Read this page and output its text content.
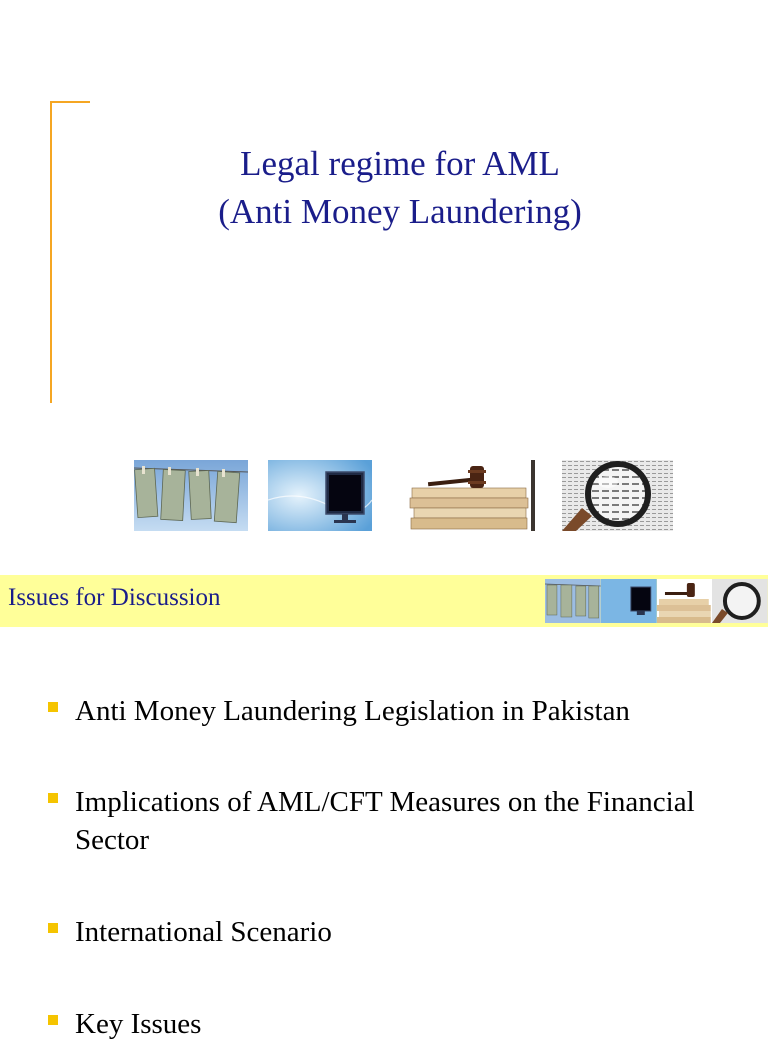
Legal regime for AML
(Anti Money Laundering)
Issues for Discussion
Anti Money Laundering Legislation in Pakistan
Implications of AML/CFT Measures on the Financial Sector
International Scenario
Key Issues
